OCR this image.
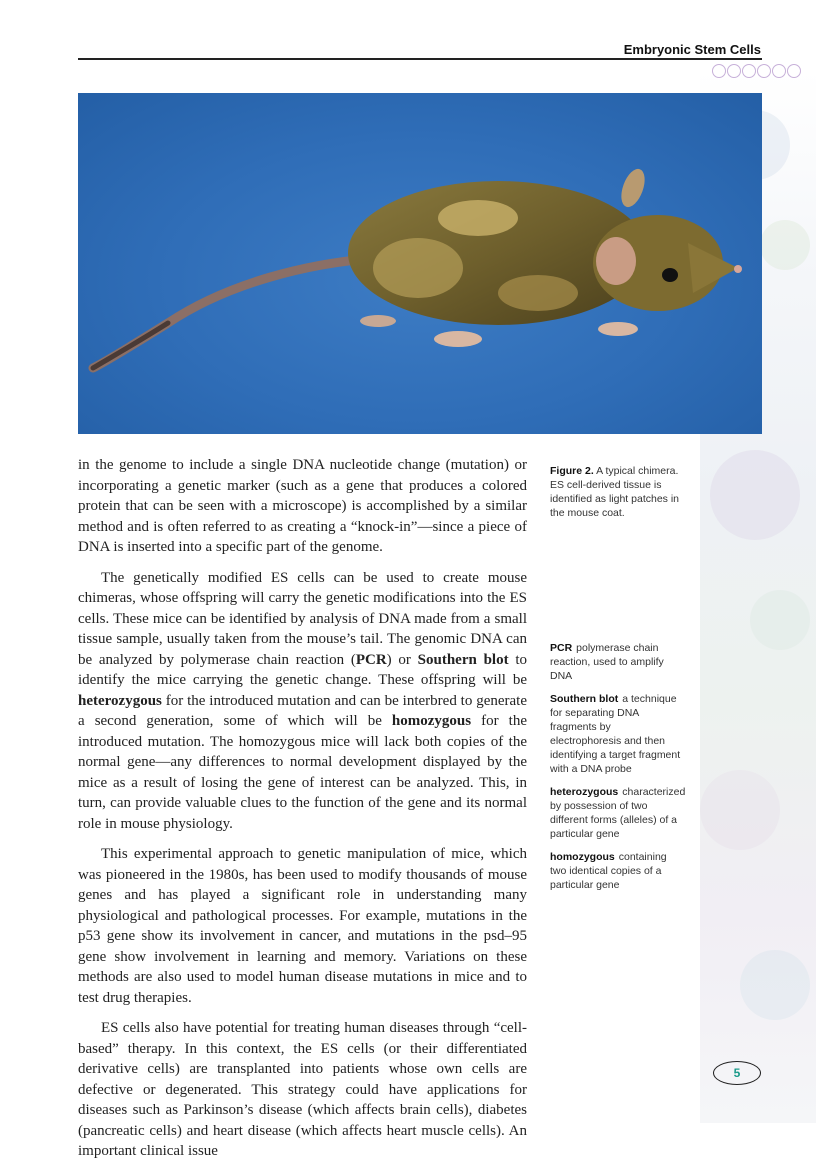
Embryonic Stem Cells
Figure 2. A typical chimera. ES cell-derived tissue is identified as light patches in the mouse coat.

in the genome to include a single DNA nucleotide change (mutation) or incorporating a genetic marker (such as a gene that produces a colored protein that can be seen with a microscope) is accomplished by a similar method and is often referred to as creating a “knock-in”—since a piece of DNA is inserted into a specific part of the genome.

The genetically modified ES cells can be used to create mouse chimeras, whose offspring will carry the genetic modifications into the ES cells. These mice can be identified by analysis of DNA made from a small tissue sample, usually taken from the mouse’s tail. The genomic DNA can be analyzed by polymerase chain reaction (PCR) or Southern blot to identify the mice carrying the genetic change. These offspring will be heterozygous for the introduced mutation and can be interbred to generate a second generation, some of which will be homozygous for the introduced mutation. The homozygous mice will lack both copies of the normal gene—any differences to normal development displayed by the mice as a result of losing the gene of interest can be analyzed. This, in turn, can provide valuable clues to the function of the gene and its normal role in mouse physiology.

This experimental approach to genetic manipulation of mice, which was pioneered in the 1980s, has been used to modify thousands of mouse genes and has played a significant role in understanding many physiological and pathological processes. For example, mutations in the p53 gene show its involvement in cancer, and mutations in the psd–95 gene show involvement in learning and memory. Variations on these methods are also used to model human disease mutations in mice and to test drug therapies.

ES cells also have potential for treating human diseases through “cell-based” therapy. In this context, the ES cells (or their differentiated derivative cells) are transplanted into patients whose own cells are defective or degenerated. This strategy could have applications for diseases such as Parkinson’s disease (which affects brain cells), diabetes (pancreatic cells) and heart disease (which affects heart muscle cells). An important clinical issue

PCR polymerase chain reaction, used to amplify DNA
Southern blot a technique for separating DNA fragments by electrophoresis and then identifying a target fragment with a DNA probe
heterozygous characterized by possession of two different forms (alleles) of a particular gene
homozygous containing two identical copies of a particular gene
5
